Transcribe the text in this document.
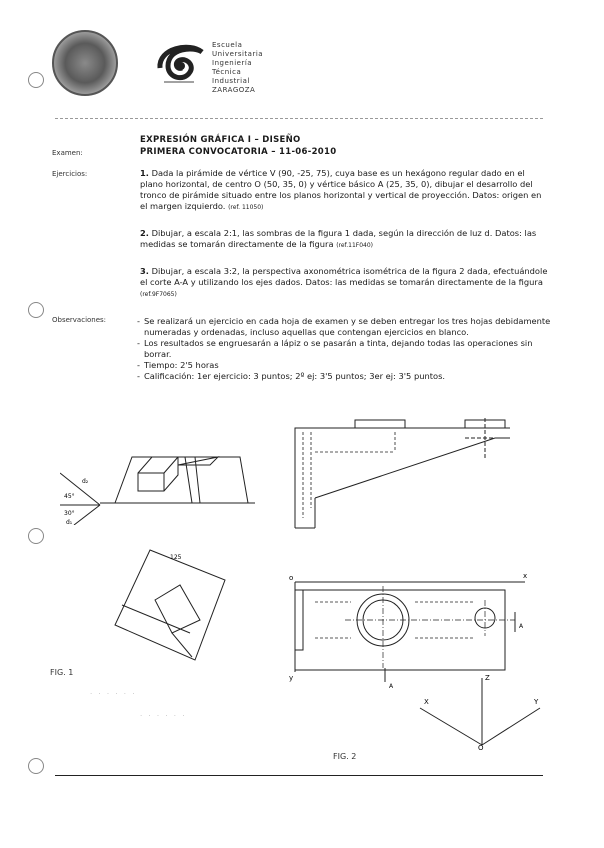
Escuela
Universitaria
Ingeniería
Técnica
Industrial
ZARAGOZA
EXPRESIÓN GRÁFICA I – DISEÑO
Examen:	PRIMERA CONVOCATORIA – 11-06-2010
Ejercicios:	1. Dada la pirámide de vértice V (90, -25, 75), cuya base es un hexágono regular dado en el plano horizontal, de centro O (50, 35, 0) y vértice básico A (25, 35, 0), dibujar el desarrollo del tronco de pirámide situado entre los planos horizontal y vertical de proyección. Datos: origen en el margen izquierdo. (ref. 11050)
2. Dibujar, a escala 2:1, las sombras de la figura 1 dada, según la dirección de luz d. Datos: las medidas se tomarán directamente de la figura (ref.11F040)
3. Dibujar, a escala 3:2, la perspectiva axonométrica isométrica de la figura 2 dada, efectuándole el corte A-A y utilizando los ejes dados. Datos: las medidas se tomarán directamente de la figura (ref.9F7065)
Observaciones:
-	Se realizará un ejercicio en cada hoja de examen y se deben entregar los tres hojas debidamente numeradas y ordenadas, incluso aquellas que contengan ejercicios en blanco.
- Los resultados se engruesarán a lápiz o se pasarán a tinta, dejando todas las operaciones sin borrar.
- Tiempo: 2'5 horas
- Calificación: 1er ejercicio: 3 puntos; 2º ej: 3'5 puntos; 3er ej: 3'5 puntos.
d₂
45°
30°
d₁
125
FIG. 1
o	x
A
y
A
Z
X	Y
O
· · · · · ·
· · · · · ·
FIG. 2
